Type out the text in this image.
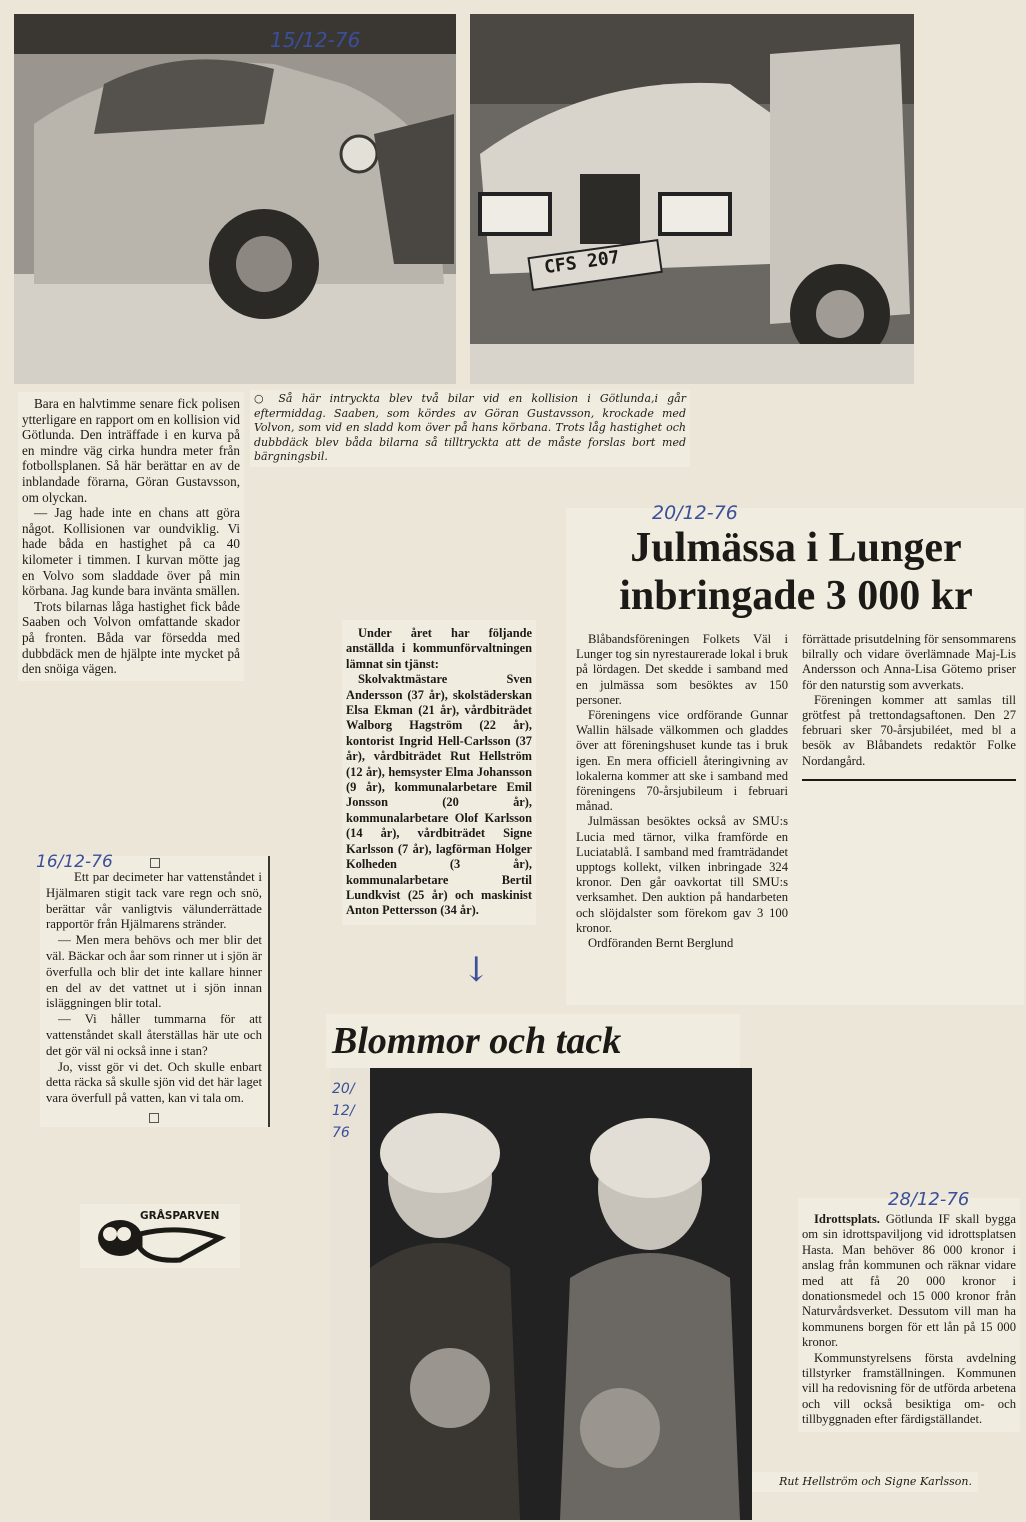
15/12-76
CFS 207

Bara en halvtimme senare fick polisen ytterligare en rapport om en kollision vid Götlunda. Den inträffade i en kurva på en mindre väg cirka hundra meter från fotbollsplanen. Så här berättar en av de inblandade förarna, Göran Gustavsson, om olyckan.

— Jag hade inte en chans att göra något. Kollisionen var oundviklig. Vi hade båda en hastighet på ca 40 kilometer i timmen. I kurvan mötte jag en Volvo som sladdade över på min körbana. Jag kunde bara invänta smällen.

Trots bilarnas låga hastighet fick både Saaben och Volvon omfattande skador på fronten. Båda var försedda med dubbdäck men de hjälpte inte mycket på den snöiga vägen.

○ Så här intryckta blev två bilar vid en kollision i Götlunda,i går eftermiddag. Saaben, som kördes av Göran Gustavsson, krockade med Volvon, som vid en sladd kom över på hans körbana. Trots låg hastighet och dubbdäck blev båda bilarna så tilltryckta att de måste forslas bort med bärgningsbil.
20/12-76
Julmässa i Lunger
inbringade 3 000 kr

Blåbandsföreningen Folkets Väl i Lunger tog sin nyrestaurerade lokal i bruk på lördagen. Det skedde i samband med en julmässa som besöktes av 150 personer.

Föreningens vice ordförande Gunnar Wallin hälsade välkommen och gladdes över att föreningshuset kunde tas i bruk igen. En mera officiell återingivning av lokalerna kommer att ske i samband med föreningens 70-årsjubileum i februari månad.

Julmässan besöktes också av SMU:s Lucia med tärnor, vilka framförde en Luciatablå. I samband med framträdandet upptogs kollekt, vilken inbringade 324 kronor. Den går oavkortat till SMU:s verksamhet. Den auktion på handarbeten och slöjdalster som förekom gav 3 100 kronor.

Ordföranden Bernt Berglund

förrättade prisutdelning för sensommarens bilrally och vidare överlämnade Maj-Lis Andersson och Anna-Lisa Götemo priser för den naturstig som avverkats.

Föreningen kommer att samlas till grötfest på trettondagsaftonen. Den 27 februari sker 70-årsjubiléet, med bl a besök av Blåbandets redaktör Folke Nordangård.

Under året har följande anställda i kommunförvaltningen lämnat sin tjänst:

Skolvaktmästare Sven Andersson (37 år), skolstäderskan Elsa Ekman (21 år), vårdbiträdet Walborg Hagström (22 år), kontorist Ingrid Hell-Carlsson (37 år), vårdbiträdet Rut Hellström (12 år), hemsyster Elma Johansson (9 år), kommunalarbetare Emil Jonsson (20 år), kommunalarbetare Olof Karlsson (14 år), vårdbiträdet Signe Karlsson (7 år), lagförman Holger Kolheden (3 år), kommunalarbetare Bertil Lundkvist (25 år) och maskinist Anton Pettersson (34 år).

↓

Ett par decimeter har vattenståndet i Hjälmaren stigit tack vare regn och snö, berättar vår vanligtvis välunderrättade rapportör från Hjälmarens stränder.

— Men mera behövs och mer blir det väl. Bäckar och åar som rinner ut i sjön är överfulla och blir det inte kallare hinner en del av det vattnet ut i sjön innan isläggningen blir total.

— Vi håller tummarna för att vattenståndet skall återställas här ute och det gör väl ni också inne i stan?

Jo, visst gör vi det. Och skulle enbart detta räcka så skulle sjön vid det här laget vara överfull på vatten, kan vi tala om.

16/12-76
GRÅSPARVEN
Blommor och tack
20/12/76
28/12-76

Idrottsplats. Götlunda IF skall bygga om sin idrottspaviljong vid idrottsplatsen Hasta. Man behöver 86 000 kronor i anslag från kommunen och räknar vidare med att få 20 000 kronor i donationsmedel och 15 000 kronor från Naturvårdsverket. Dessutom vill man ha kommunens borgen för ett lån på 15 000 kronor.

Kommunstyrelsens första avdelning tillstyrker framställningen. Kommunen vill ha redovisning för de utförda arbetena och vill också besiktiga om- och tillbyggnaden efter färdigställandet.

Rut Hellström och Signe Karlsson.
